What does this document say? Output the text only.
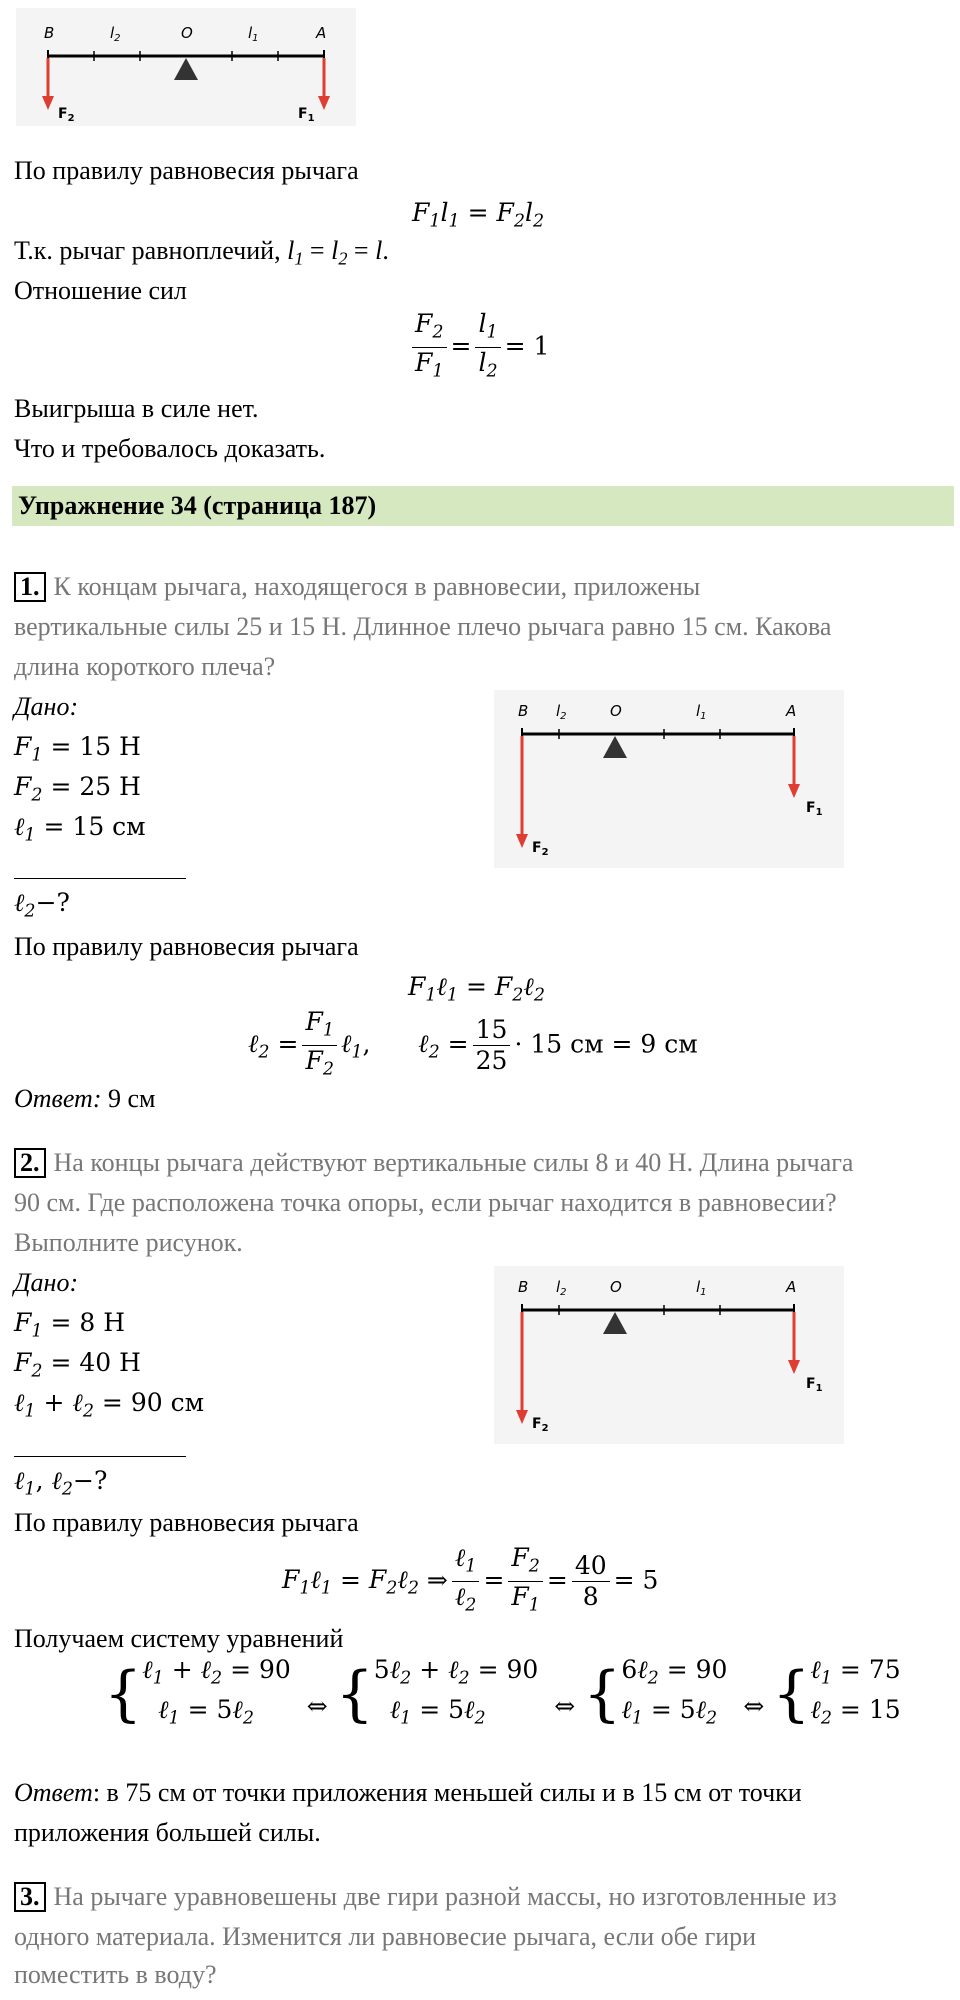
B	$l_2$	O	$l_1$	A
$F_2$	$F_1$
По правилу равновесия рычага
$F_1l_1 = F_2l_2$
Т.к. рычаг равноплечий, $l_1 = l_2 = l$.
Отношение сил
$\frac{F_2}{F_1} = \frac{l_1}{l_2} = 1$
Выигрыша в силе нет.
Что и требовалось доказать.
Упражнение 34 (страница 187)
1. К концам рычага, находящегося в равновесии, приложены
вертикальные силы 25 и 15 Н. Длинное плечо рычага равно 15 см. Какова
длина короткого плеча?
Дано:
$F_1 = 15$ Н
$F_2 = 25$ Н
ℓ$_1$ = 15 см
ℓ$_2$−?
По правилу равновесия рычага
$F_1\ell_1$ = $F_2\ell_2$
ℓ$_2$ = $\frac{F_1}{F_2}$ ℓ$_1$,      ℓ$_2$ = $\frac{15}{25} \cdot 15$ см = 9 см
Ответ: 9 см
B $l_2$	O	$l_1$	A
$F_2$
$F_1$
2. На концы рычага действуют вертикальные силы 8 и 40 Н. Длина рычага
90 см. Где расположена точка опоры, если рычаг находится в равновесии?
Выполните рисунок.
Дано:
$F_1 = 8$ Н
$F_2 = 40$ Н
ℓ$_1$ + ℓ$_2$ = 90 см
ℓ$_1$, ℓ$_2$−?
По правилу равновесия рычага
$F_1\ell_1$ = $F_2\ell_2$ ⇒ $\frac{\ell_1}{\ell_2} = \frac{F_2}{F_1} = \frac{40}{8} = 5$
Получаем систему уравнений
{ ℓ$_1$ + ℓ$_2$ = 90
ℓ$_1$ = 5ℓ$_2$	⇔ { 5ℓ$_2$ + ℓ$_2$ = 90
ℓ$_1$ = 5ℓ$_2$	⇔ { 6ℓ$_2$ = 90
ℓ$_1$ = 5ℓ$_2$ ⇔ { ℓ$_1$ = 75
ℓ$_2$ = 15
Ответ: в 75 см от точки приложения меньшей силы и в 15 см от точки
приложения большей силы.
B $l_2$	O	$l_1$	A
$F_2$
$F_1$
3. На рычаге уравновешены две гири разной массы, но изготовленные из
одного материала. Изменится ли равновесие рычага, если обе гири
поместить в воду?
